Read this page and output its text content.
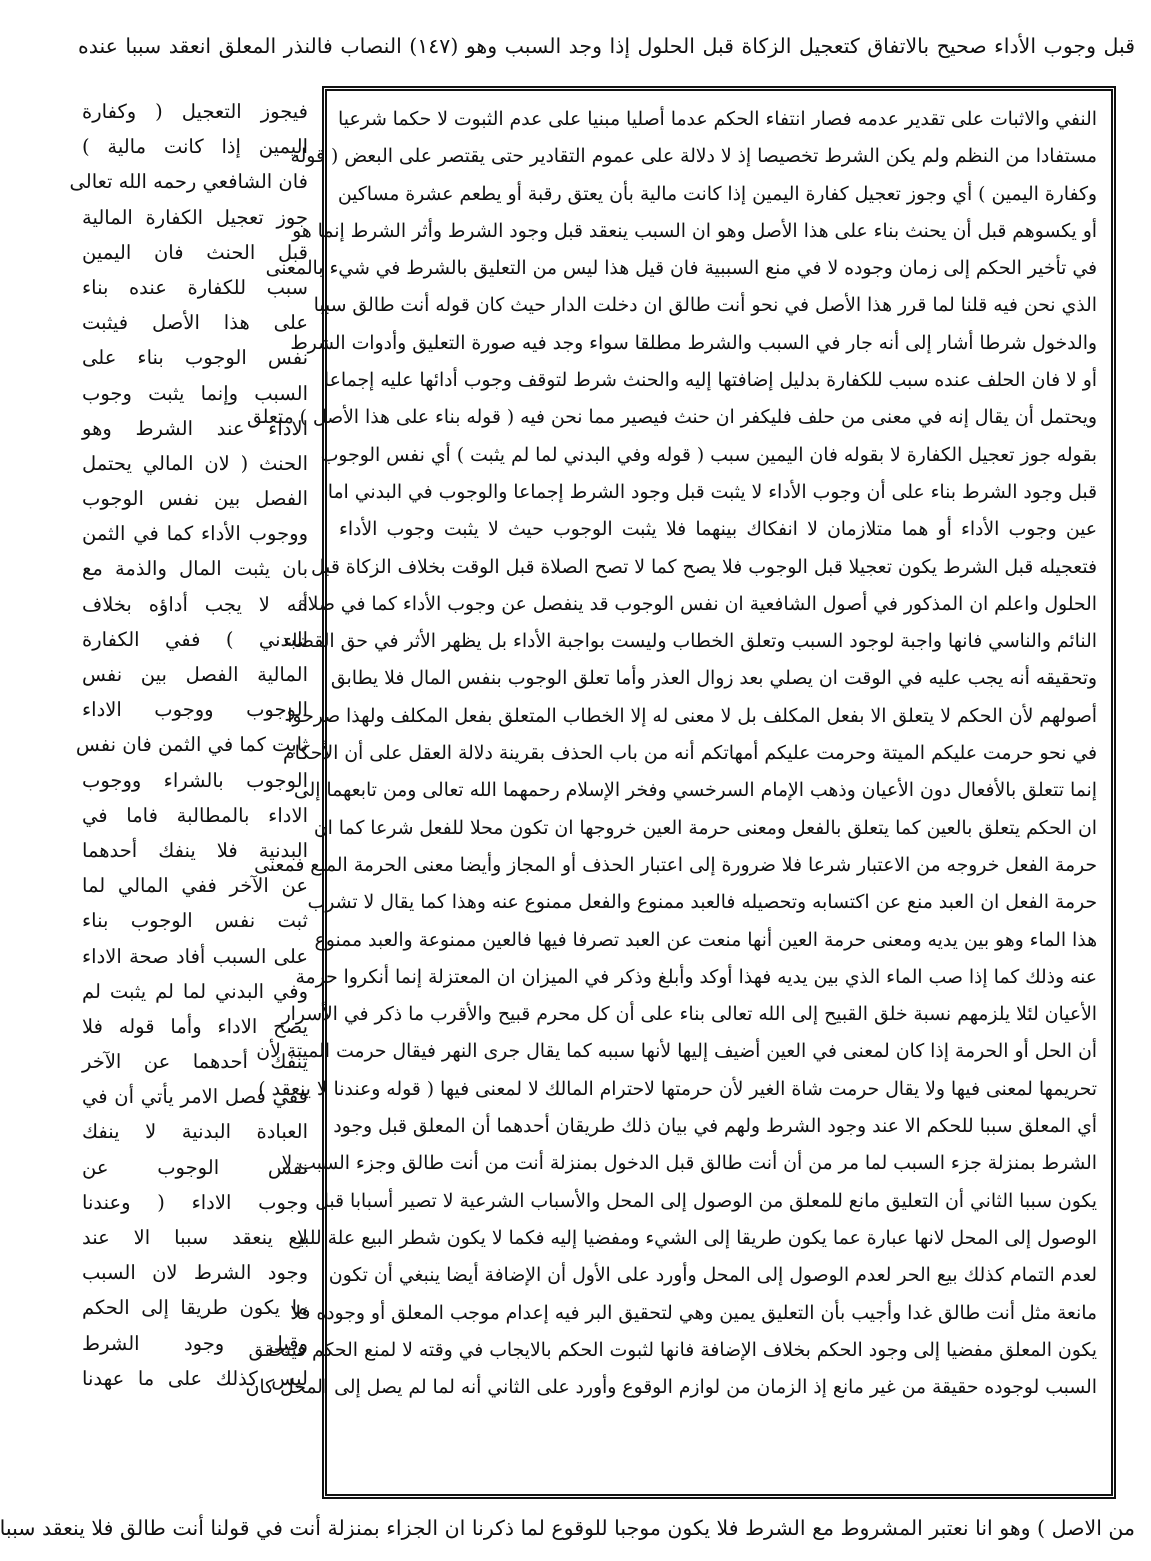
قبل وجوب الأداء صحيح بالاتفاق كتعجيل الزكاة قبل الحلول إذا وجد السبب وهو (١٤٧) النصاب فالنذر المعلق انعقد سببا عنده
النفي والاثبات على تقدير عدمه فصار انتفاء الحكم عدما أصليا مبنيا على عدم الثبوت لا حكما شرعيا
مستفادا من النظم ولم يكن الشرط تخصيصا إذ لا دلالة على عموم التقادير حتى يقتصر على البعض ( قوله
وكفارة اليمين ) أي وجوز تعجيل كفارة اليمين إذا كانت مالية بأن يعتق رقبة أو يطعم عشرة مساكين
أو يكسوهم قبل أن يحنث بناء على هذا الأصل وهو ان السبب ينعقد قبل وجود الشرط وأثر الشرط إنما هو
في تأخير الحكم إلى زمان وجوده لا في منع السببية فان قيل هذا ليس من التعليق بالشرط في شيء بالمعنى
الذي نحن فيه قلنا لما قرر هذا الأصل في نحو أنت طالق ان دخلت الدار حيث كان قوله أنت طالق سببا
والدخول شرطا أشار إلى أنه جار في السبب والشرط مطلقا سواء وجد فيه صورة التعليق وأدوات الشرط
أو لا فان الحلف عنده سبب للكفارة بدليل إضافتها إليه والحنث شرط لتوقف وجوب أدائها عليه إجماعا
ويحتمل أن يقال إنه في معنى من حلف فليكفر ان حنث فيصير مما نحن فيه ( قوله بناء على هذا الأصل ) متعلق
بقوله جوز تعجيل الكفارة لا بقوله فان اليمين سبب ( قوله وفي البدني لما لم يثبت ) أي نفس الوجوب
قبل وجود الشرط بناء على أن وجوب الأداء لا يثبت قبل وجود الشرط إجماعا والوجوب في البدني اما
عين وجوب الأداء أو هما متلازمان لا انفكاك بينهما فلا يثبت الوجوب حيث لا يثبت وجوب الأداء
فتعجيله قبل الشرط يكون تعجيلا قبل الوجوب فلا يصح كما لا تصح الصلاة قبل الوقت بخلاف الزكاة قبل
الحلول واعلم ان المذكور في أصول الشافعية ان نفس الوجوب قد ينفصل عن وجوب الأداء كما في صلاة
النائم والناسي فانها واجبة لوجود السبب وتعلق الخطاب وليست بواجبة الأداء بل يظهر الأثر في حق القضاء
وتحقيقه أنه يجب عليه في الوقت ان يصلي بعد زوال العذر وأما تعلق الوجوب بنفس المال فلا يطابق
أصولهم لأن الحكم لا يتعلق الا بفعل المكلف بل لا معنى له إلا الخطاب المتعلق بفعل المكلف ولهذا صرحوا
في نحو حرمت عليكم الميتة وحرمت عليكم أمهاتكم أنه من باب الحذف بقرينة دلالة العقل على أن الأحكام
إنما تتعلق بالأفعال دون الأعيان وذهب الإمام السرخسي وفخر الإسلام رحمهما الله تعالى ومن تابعهما إلى
ان الحكم يتعلق بالعين كما يتعلق بالفعل ومعنى حرمة العين خروجها ان تكون محلا للفعل شرعا كما ان
حرمة الفعل خروجه من الاعتبار شرعا فلا ضرورة إلى اعتبار الحذف أو المجاز وأيضا معنى الحرمة المنع فمعنى
حرمة الفعل ان العبد منع عن اكتسابه وتحصيله فالعبد ممنوع والفعل ممنوع عنه وهذا كما يقال لا تشرب
هذا الماء وهو بين يديه ومعنى حرمة العين أنها منعت عن العبد تصرفا فيها فالعين ممنوعة والعبد ممنوع
عنه وذلك كما إذا صب الماء الذي بين يديه فهذا أوكد وأبلغ وذكر في الميزان ان المعتزلة إنما أنكروا حرمة
الأعيان لئلا يلزمهم نسبة خلق القبيح إلى الله تعالى بناء على أن كل محرم قبيح والأقرب ما ذكر في الأسرار
أن الحل أو الحرمة إذا كان لمعنى في العين أضيف إليها لأنها سببه كما يقال جرى النهر فيقال حرمت الميتة لأن
تحريمها لمعنى فيها ولا يقال حرمت شاة الغير لأن حرمتها لاحترام المالك لا لمعنى فيها ( قوله وعندنا لا ينعقد )
أي المعلق سببا للحكم الا عند وجود الشرط ولهم في بيان ذلك طريقان أحدهما أن المعلق قبل وجود
الشرط بمنزلة جزء السبب لما مر من أن أنت طالق قبل الدخول بمنزلة أنت من أنت طالق وجزء السبب لا
يكون سببا الثاني أن التعليق مانع للمعلق من الوصول إلى المحل والأسباب الشرعية لا تصير أسبابا قبل
الوصول إلى المحل لانها عبارة عما يكون طريقا إلى الشيء ومفضيا إليه فكما لا يكون شطر البيع علة للبيع
لعدم التمام كذلك بيع الحر لعدم الوصول إلى المحل وأورد على الأول أن الإضافة أيضا ينبغي أن تكون
مانعة مثل أنت طالق غدا وأجيب بأن التعليق يمين وهي لتحقيق البر فيه إعدام موجب المعلق أو وجوده فلا
يكون المعلق مفضيا إلى وجود الحكم بخلاف الإضافة فانها لثبوت الحكم بالايجاب في وقته لا لمنع الحكم فيتحقق
السبب لوجوده حقيقة من غير مانع إذ الزمان من لوازم الوقوع وأورد على الثاني أنه لما لم يصل إلى المحل كان
فيجوز التعجيل ( وكفارة
اليمين إذا كانت مالية )
فان الشافعي رحمه الله تعالى
جوز تعجيل الكفارة المالية
قبل الحنث فان اليمين
سبب للكفارة عنده بناء
على هذا الأصل فيثبت
نفس الوجوب بناء على
السبب وإنما يثبت وجوب
الاداء عند الشرط وهو
الحنث ( لان المالي يحتمل
الفصل بين نفس الوجوب
ووجوب الأداء كما في الثمن
بان يثبت المال والذمة مع
أنه لا يجب أداؤه بخلاف
البدني ) ففي الكفارة
المالية الفصل بين نفس
الوجوب ووجوب الاداء
ثابت كما في الثمن فان نفس
الوجوب بالشراء ووجوب
الاداء بالمطالبة فاما في
البدنية فلا ينفك أحدهما
عن الآخر ففي المالي لما
ثبت نفس الوجوب بناء
على السبب أفاد صحة الاداء
وفي البدني لما لم يثبت لم
يصح الاداء وأما قوله فلا
ينفك أحدهما عن الآخر
ففي فصل الامر يأتي أن في
العبادة البدنية لا ينفك
نفس الوجوب عن
وجوب الاداء ( وعندنا
لا ينعقد سببا الا عند
وجود الشرط لان السبب
ما يكون طريقا إلى الحكم
وقبل وجود الشرط
ليس كذلك على ما عهدنا
من الاصل ) وهو انا نعتبر المشروط مع الشرط فلا يكون موجبا للوقوع لما ذكرنا ان الجزاء بمنزلة أنت في قولنا أنت طالق فلا ينعقد سببا
